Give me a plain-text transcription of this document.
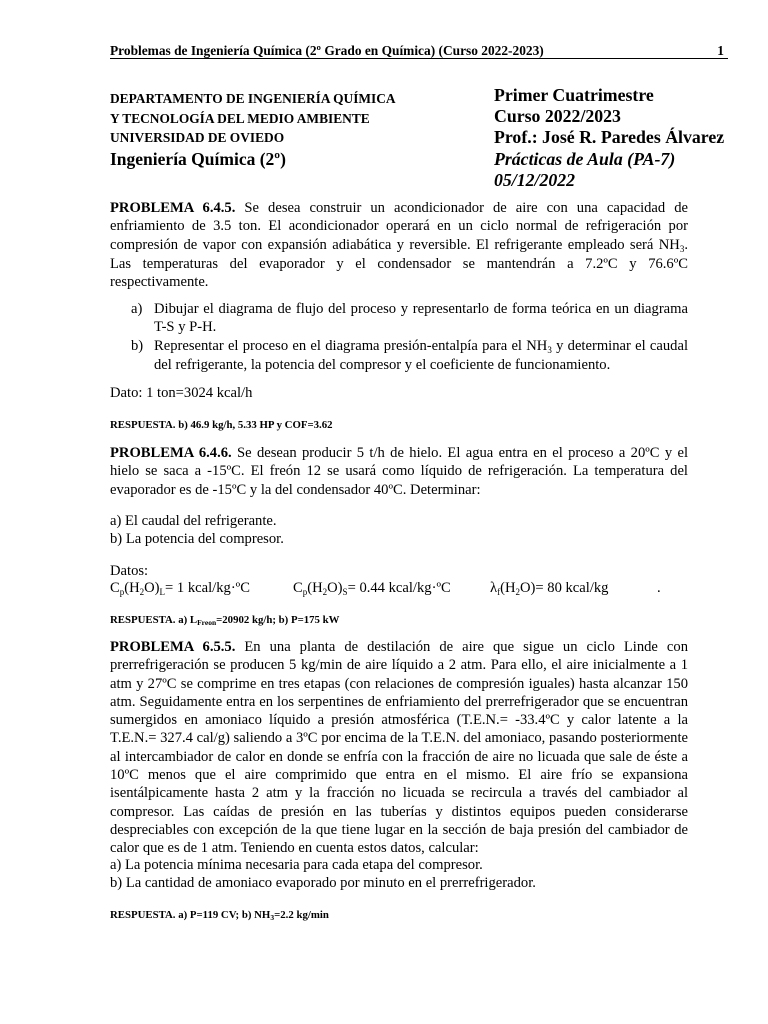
Problemas de Ingeniería Química (2º Grado en Química) (Curso 2022-2023)	1
DEPARTAMENTO DE INGENIERÍA QUÍMICA
Y TECNOLOGÍA DEL MEDIO AMBIENTE
UNIVERSIDAD DE OVIEDO
Ingeniería Química (2º)
Primer Cuatrimestre
Curso 2022/2023
Prof.: José R. Paredes Álvarez
Prácticas de Aula (PA-7)
05/12/2022
PROBLEMA 6.4.5. Se desea construir un acondicionador de aire con una capacidad de enfriamiento de 3.5 ton. El acondicionador operará en un ciclo normal de refrigeración por compresión de vapor con expansión adiabática y reversible. El refrigerante empleado será $NH_3$. Las temperaturas del evaporador y el condensador se mantendrán a 7.2ºC y 76.6ºC respectivamente.
a) Dibujar el diagrama de flujo del proceso y representarlo de forma teórica en un diagrama T-S y P-H.
b) Representar el proceso en el diagrama presión-entalpía para el $NH_3$ y determinar el caudal del refrigerante, la potencia del compresor y el coeficiente de funcionamiento.
Dato: 1 ton=3024 kcal/h
RESPUESTA. b) 46.9 kg/h, 5.33 HP y COF=3.62
PROBLEMA 6.4.6. Se desean producir 5 t/h de hielo. El agua entra en el proceso a 20ºC y el hielo se saca a -15ºC. El freón 12 se usará como líquido de refrigeración. La temperatura del evaporador es de -15ºC y la del condensador 40ºC. Determinar:
a) El caudal del refrigerante.
b) La potencia del compresor.
Datos:
$C_p(H_2O)_L= 1$ kcal/kg·ºC	$C_p(H_2O)_S= 0.44$ kcal/kg·ºC	$\lambda_f(H_2O)= 80$ kcal/kg	.
RESPUESTA. a) $L_{Freon}=20902$ kg/h; b) P=175 kW
PROBLEMA 6.5.5. En una planta de destilación de aire que sigue un ciclo Linde con prerrefrigeración se producen 5 kg/min de aire líquido a 2 atm. Para ello, el aire inicialmente a 1 atm y 27ºC se comprime en tres etapas (con relaciones de compresión iguales) hasta alcanzar 150 atm. Seguidamente entra en los serpentines de enfriamiento del prerrefrigerador que se encuentran sumergidos en amoniaco líquido a presión atmosférica (T.E.N.= -33.4ºC y calor latente a la T.E.N.= 327.4 cal/g) saliendo a 3ºC por encima de la T.E.N. del amoniaco, pasando posteriormente al intercambiador de calor en donde se enfría con la fracción de aire no licuada que sale de éste a 10ºC menos que el aire comprimido que entra en el mismo. El aire frío se expansiona isentálpicamente hasta 2 atm y la fracción no licuada se recircula a través del cambiador al compresor. Las caídas de presión en las tuberías y distintos equipos pueden considerarse despreciables con excepción de la que tiene lugar en la sección de baja presión del cambiador de calor que es de 1 atm. Teniendo en cuenta estos datos, calcular:
a) La potencia mínima necesaria para cada etapa del compresor.
b) La cantidad de amoniaco evaporado por minuto en el prerrefrigerador.
RESPUESTA. a) P=119 CV; b) $NH_3=2.2$ kg/min
